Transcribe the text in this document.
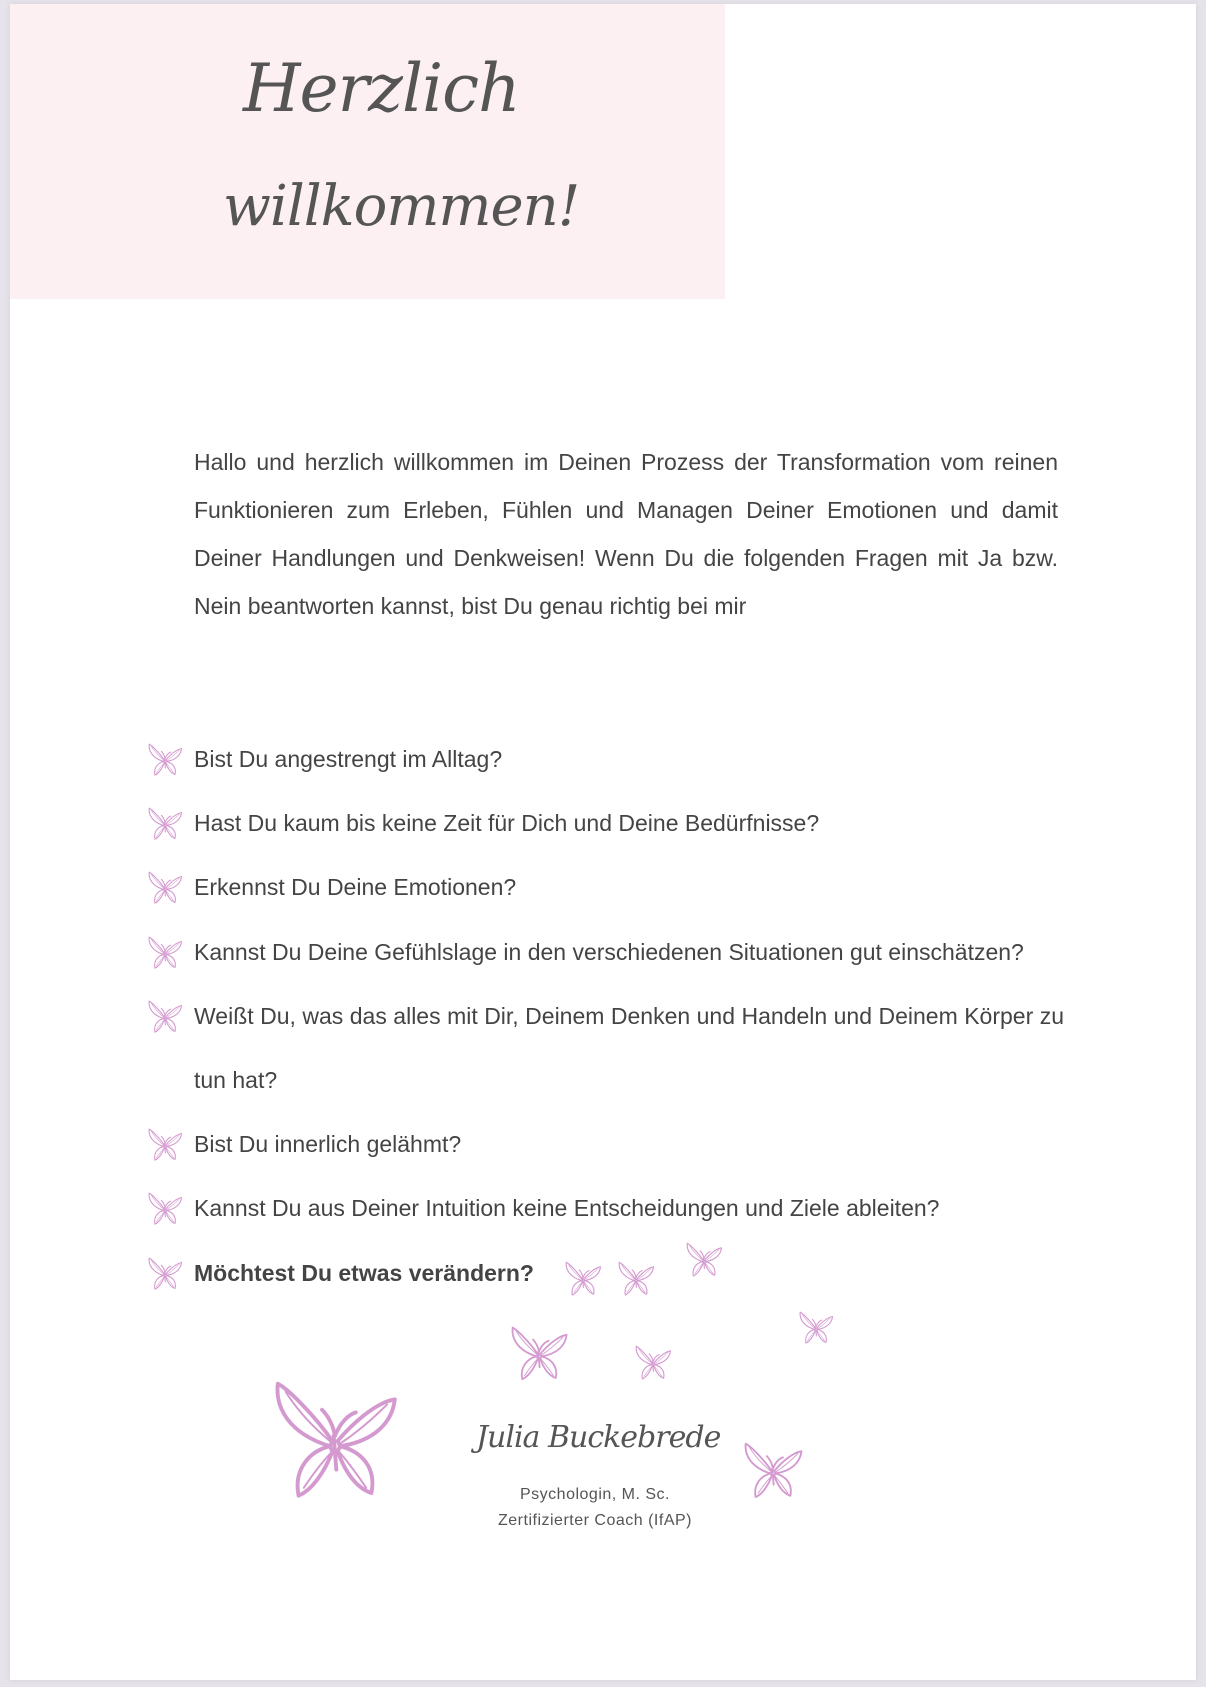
Herzlich
willkommen!

Hallo und herzlich willkommen im Deinen Prozess der Transformation vom reinen Funktionieren zum Erleben, Fühlen und Managen Deiner Emotionen und damit Deiner Handlungen und Denkweisen! Wenn Du die folgenden Fragen mit Ja bzw. Nein beantworten kannst, bist Du genau richtig bei mir

Bist Du angestrengt im Alltag?
Hast Du kaum bis keine Zeit für Dich und Deine Bedürfnisse?
Erkennst Du Deine Emotionen?
Kannst Du Deine Gefühlslage in den verschiedenen Situationen gut einschätzen?
Weißt Du, was das alles mit Dir, Deinem Denken und Handeln und Deinem Körper zu tun hat?
Bist Du innerlich gelähmt?
Kannst Du aus Deiner Intuition keine Entscheidungen und Ziele ableiten?
Möchtest Du etwas verändern?

Julia Buckebrede

Psychologin, M. Sc.

Zertifizierter Coach (IfAP)
